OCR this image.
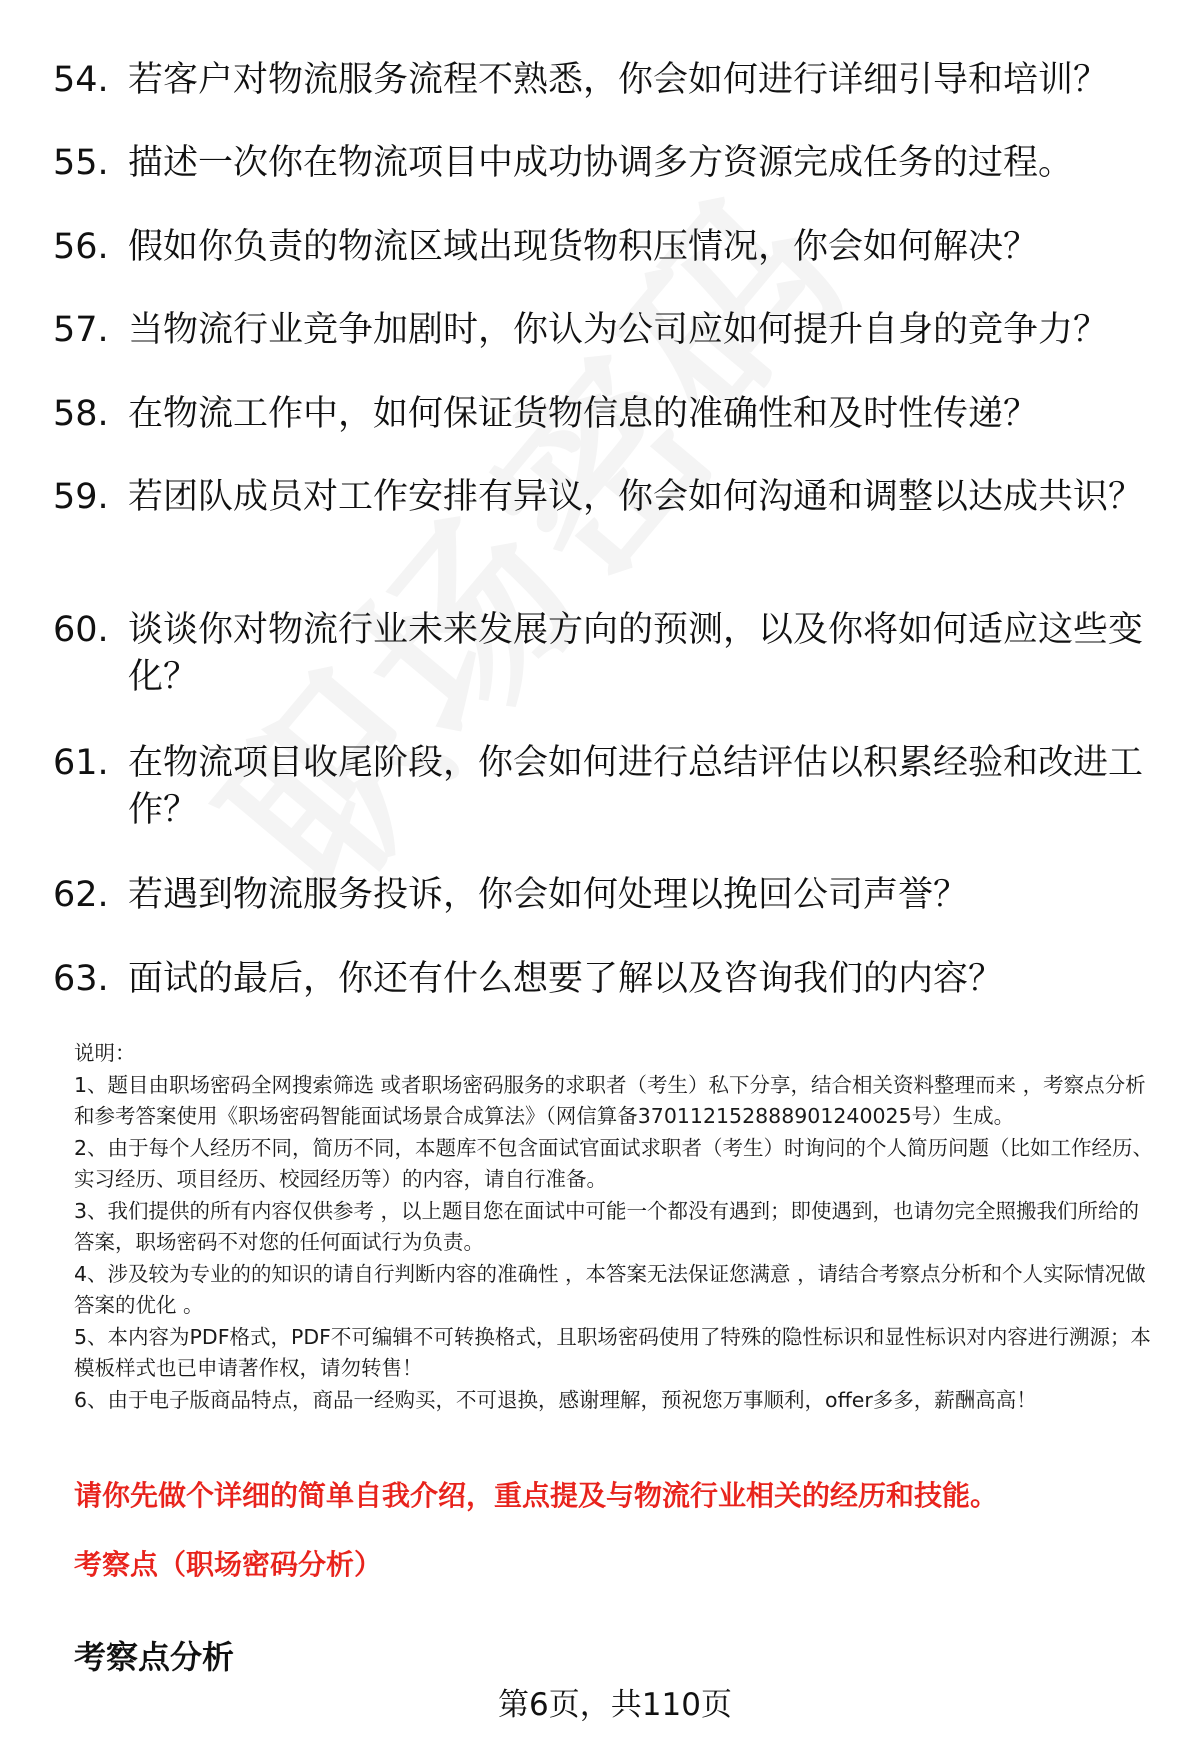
54. 若客户对物流服务流程不熟悉，你会如何进行详细引导和培训？
55. 描述一次你在物流项目中成功协调多方资源完成任务的过程。
56. 假如你负责的物流区域出现货物积压情况，你会如何解决？
57. 当物流行业竞争加剧时，你认为公司应如何提升自身的竞争力？
58. 在物流工作中，如何保证货物信息的准确性和及时性传递？
59. 若团队成员对工作安排有异议，你会如何沟通和调整以达成共识？
60. 谈谈你对物流行业未来发展方向的预测，以及你将如何适应这些变化？
61. 在物流项目收尾阶段，你会如何进行总结评估以积累经验和改进工作？
62. 若遇到物流服务投诉，你会如何处理以挽回公司声誉？
63. 面试的最后，你还有什么想要了解以及咨询我们的内容？
说明：
1、题目由职场密码全网搜索筛选 或者职场密码服务的求职者（考生）私下分享，结合相关资料整理而来 ，考察点分析和参考答案使用《职场密码智能面试场景合成算法》（网信算备370112152888901240025号）生成。
2、由于每个人经历不同，简历不同，本题库不包含面试官面试求职者（考生）时询问的个人简历问题（比如工作经历、实习经历、项目经历、校园经历等）的内容，请自行准备。
3、我们提供的所有内容仅供参考 ，以上题目您在面试中可能一个都没有遇到；即使遇到，也请勿完全照搬我们所给的答案，职场密码不对您的任何面试行为负责。
4、涉及较为专业的的知识的请自行判断内容的准确性 ，本答案无法保证您满意 ，请结合考察点分析和个人实际情况做答案的优化 。
5、本内容为PDF格式，PDF不可编辑不可转换格式，且职场密码使用了特殊的隐性标识和显性标识对内容进行溯源；本模板样式也已申请著作权，请勿转售！
6、由于电子版商品特点，商品一经购买，不可退换，感谢理解，预祝您万事顺利，offer多多，薪酬高高！
请你先做个详细的简单自我介绍，重点提及与物流行业相关的经历和技能。
考察点（职场密码分析）
考察点分析
第6页，共110页
